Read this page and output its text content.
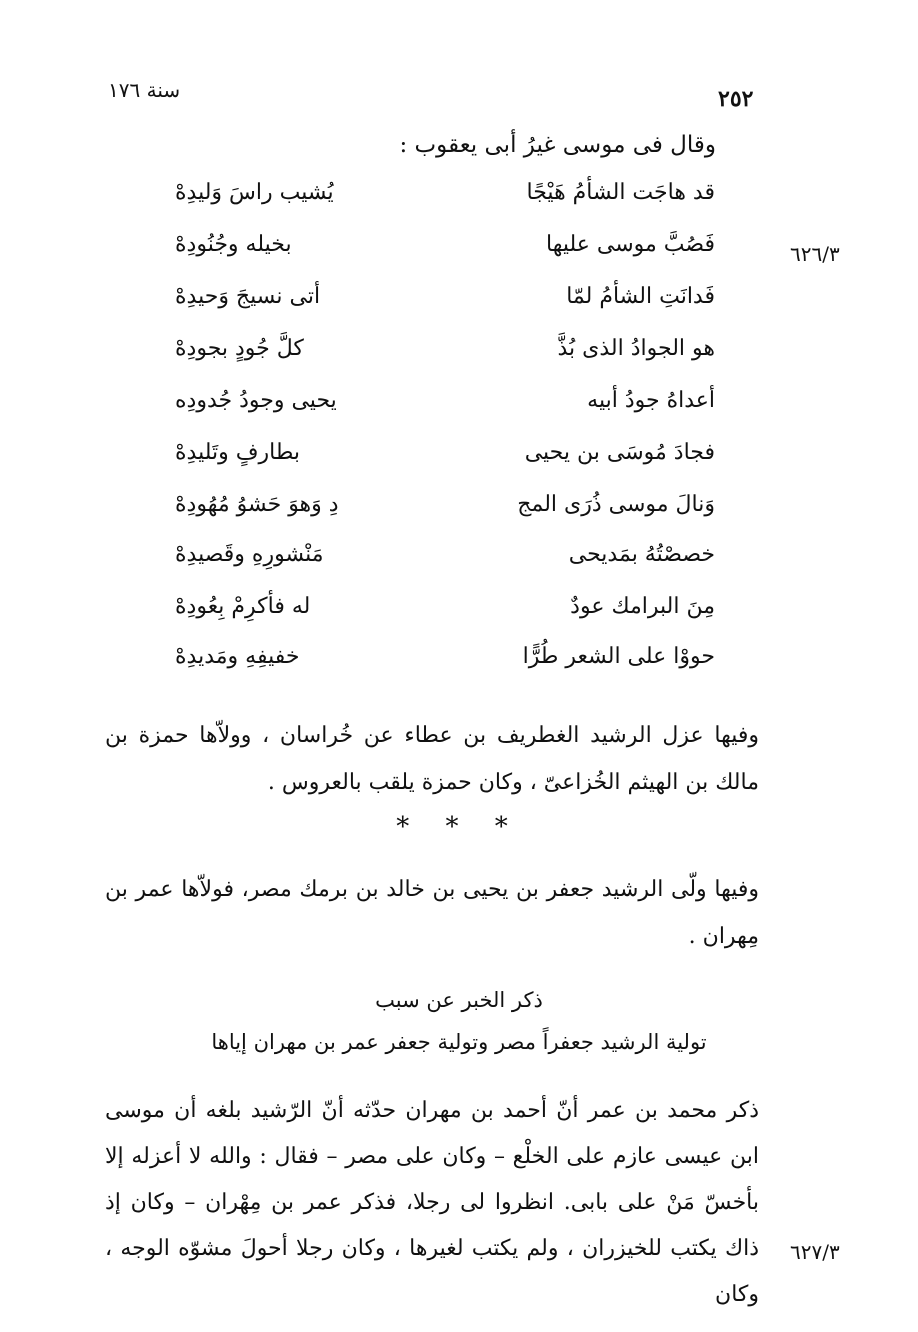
٢٥٢
سنة ١٧٦
وقال فى موسى غيرُ أبى يعقوب :
قد هاجَت الشأمُ هَيْجًا
يُشيب راسَ وَليدِهْ
فَصُبَّ موسى عليها
بخيله وجُنُودِهْ
فَدانَتِ الشأمُ لمّا
أتى نسيجَ وَحيدِهْ
هو الجوادُ الذى بُذَّ
كلَّ جُودٍ بجودِهْ
أعداهُ جودُ أبيه
يحيى وجودُ جُدودِه
فجادَ مُوسَى بن يحيى
بطارفٍ وتَليدِهْ
وَنالَ موسى ذُرَى المج
دِ وَهوَ حَشوُ مُهُودِهْ
خصصْتُهُ بمَديحى
مَنْشورِهِ وقَصيدِهْ
مِنَ البرامك عودٌ
له فأكرِمْ بِعُودِهْ
حووْا على الشعر طُرًّا
خفيفِهِ ومَديدِهْ
٦٢٦/٣
وفيها عزل الرشيد الغطريف بن عطاء عن خُراسان ، وولاّها حمزة بن مالك بن الهيثم الخُزاعىّ ، وكان حمزة يلقب بالعروس .
* * *
وفيها ولّى الرشيد جعفر بن يحيى بن خالد بن برمك مصر، فولاّها عمر بن مِهران .
ذكر الخبر عن سبب
تولية الرشيد جعفراً مصر وتولية جعفر عمر بن مهران إياها
ذكر محمد بن عمر أنّ أحمد بن مهران حدّثه أنّ الرّشيد بلغه أن موسى ابن عيسى عازم على الخلْع – وكان على مصر – فقال : والله لا أعزله إلا بأخسّ مَنْ على بابى. انظروا لى رجلا، فذكر عمر بن مِهْران – وكان إذ ذاك يكتب للخيزران ، ولم يكتب لغيرها ، وكان رجلا أحولَ مشوّه الوجه ، وكان
٦٢٧/٣
